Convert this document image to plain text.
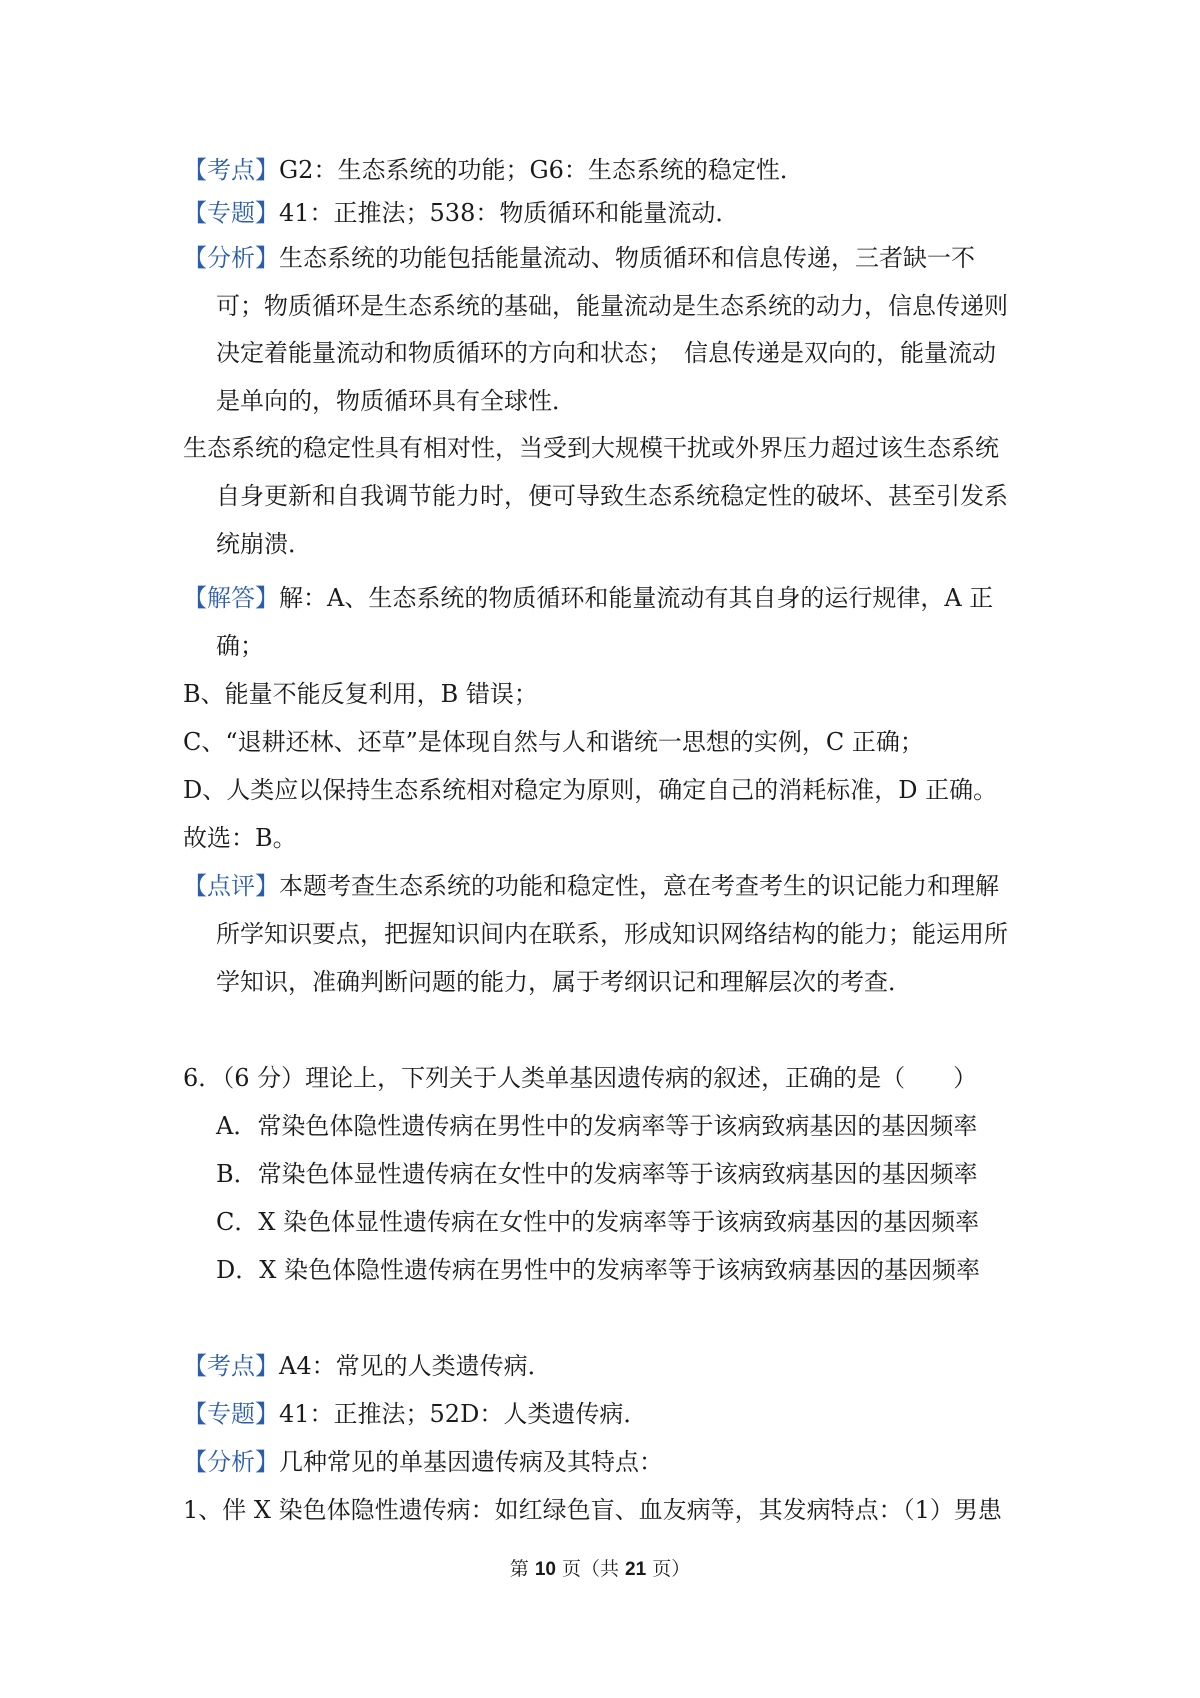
【考点】G2：生态系统的功能；G6：生态系统的稳定性．
【专题】41：正推法；538：物质循环和能量流动．
【分析】生态系统的功能包括能量流动、物质循环和信息传递，三者缺一不
可；物质循环是生态系统的基础，能量流动是生态系统的动力，信息传递则
决定着能量流动和物质循环的方向和状态；　信息传递是双向的，能量流动
是单向的，物质循环具有全球性．
生态系统的稳定性具有相对性，当受到大规模干扰或外界压力超过该生态系统
自身更新和自我调节能力时，便可导致生态系统稳定性的破坏、甚至引发系
统崩溃．
【解答】解：A、生态系统的物质循环和能量流动有其自身的运行规律，A 正
确；
B、能量不能反复利用，B 错误；
C、“退耕还林、还草”是体现自然与人和谐统一思想的实例，C 正确；
D、人类应以保持生态系统相对稳定为原则，确定自己的消耗标准，D 正确。
故选：B。
【点评】本题考查生态系统的功能和稳定性，意在考查考生的识记能力和理解
所学知识要点，把握知识间内在联系，形成知识网络结构的能力；能运用所
学知识，准确判断问题的能力，属于考纲识记和理解层次的考查．
6．（6 分）理论上，下列关于人类单基因遗传病的叙述，正确的是（　　）
A．常染色体隐性遗传病在男性中的发病率等于该病致病基因的基因频率
B．常染色体显性遗传病在女性中的发病率等于该病致病基因的基因频率
C．X 染色体显性遗传病在女性中的发病率等于该病致病基因的基因频率
D．X 染色体隐性遗传病在男性中的发病率等于该病致病基因的基因频率
【考点】A4：常见的人类遗传病．
【专题】41：正推法；52D：人类遗传病．
【分析】几种常见的单基因遗传病及其特点：
1、伴 X 染色体隐性遗传病：如红绿色盲、血友病等，其发病特点：（1）男患
第 10 页（共 21 页）
